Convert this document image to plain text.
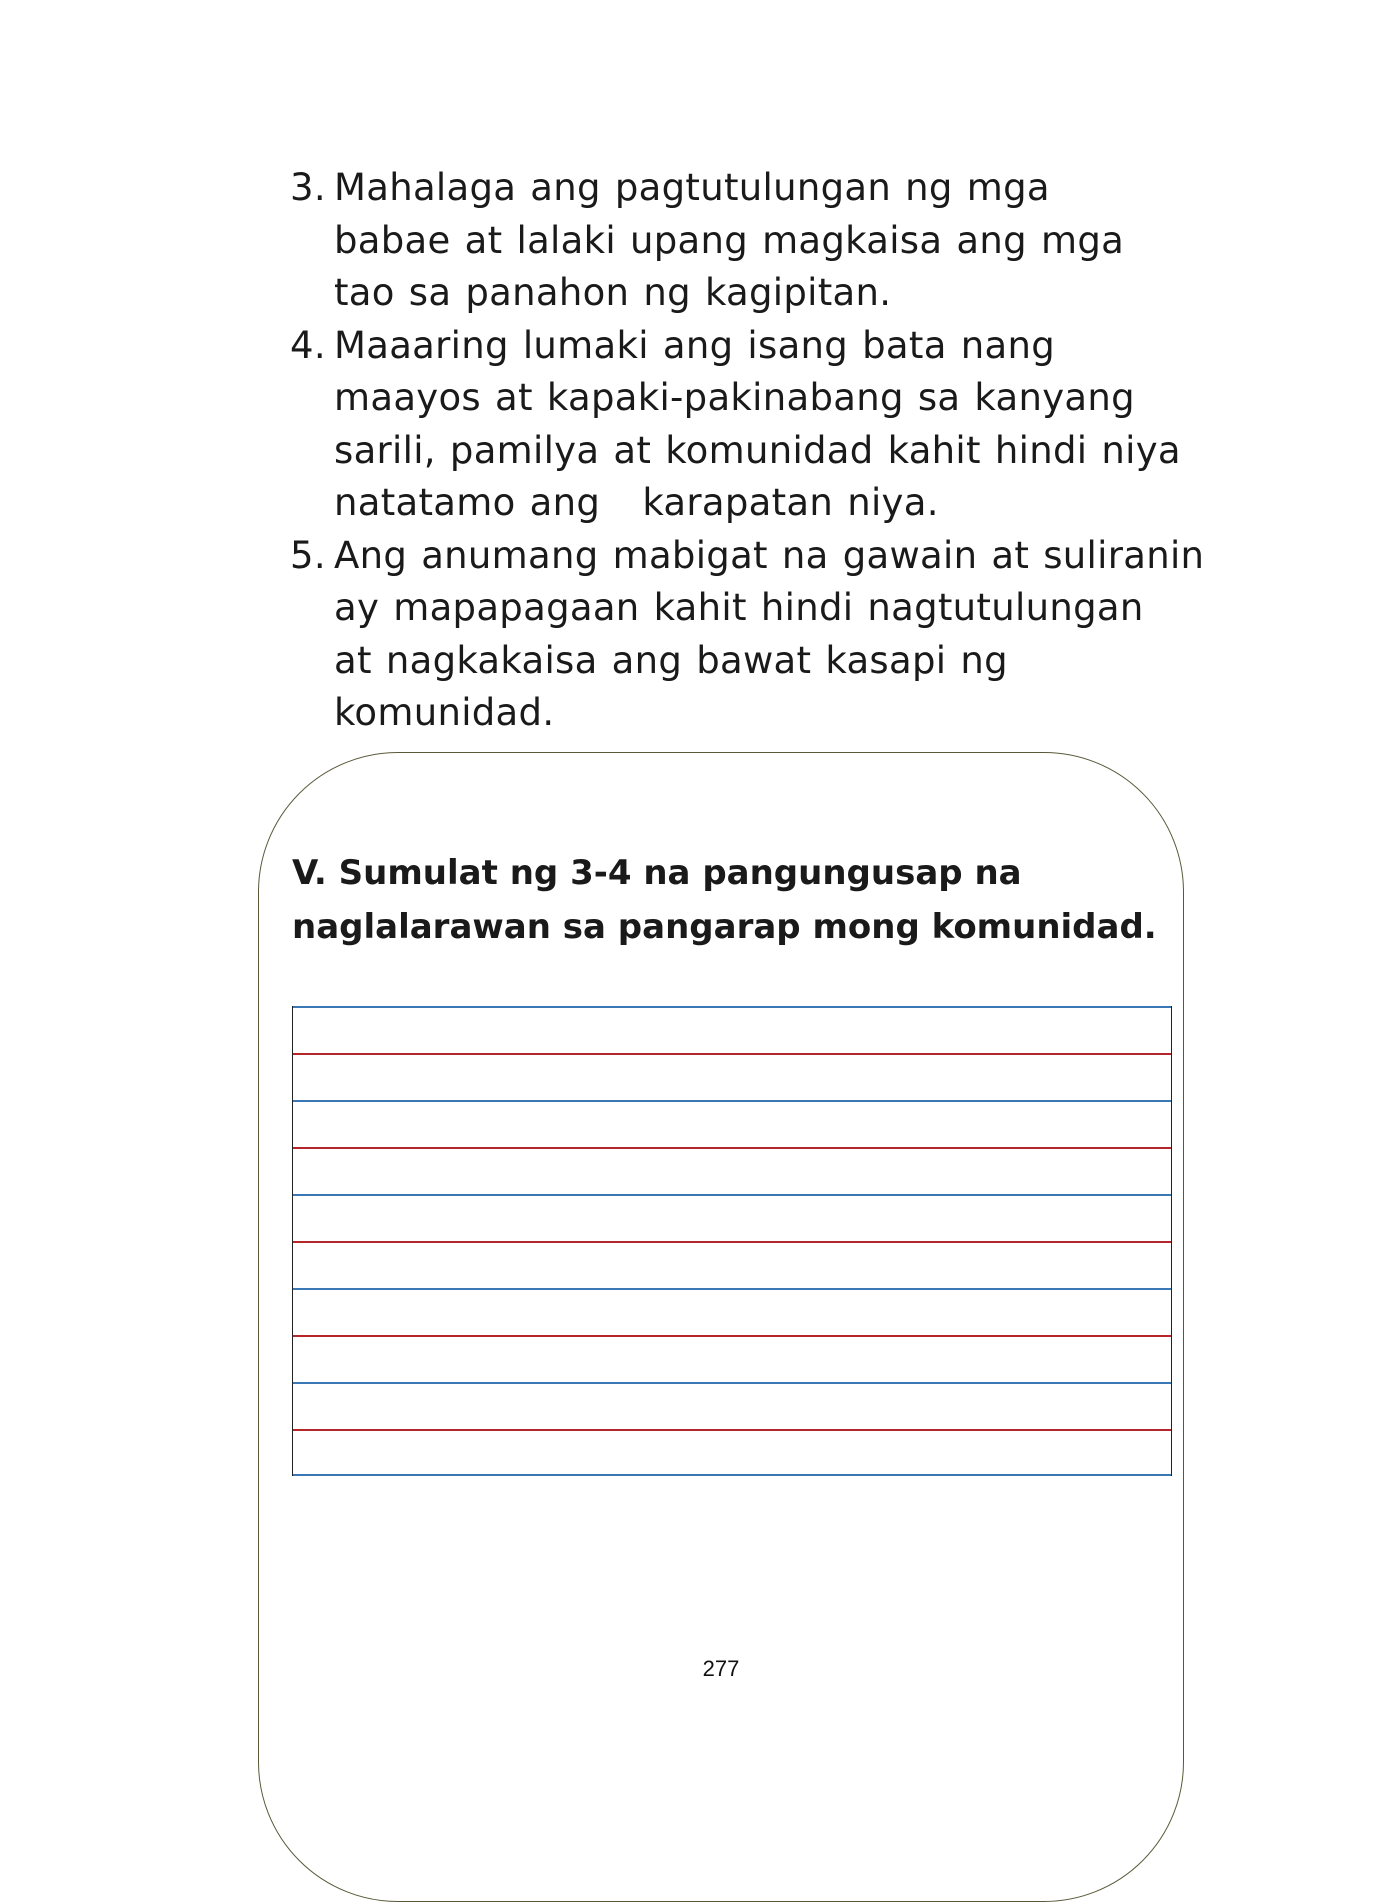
3. Mahalaga ang pagtutulungan ng mga
babae at lalaki upang magkaisa ang mga
tao sa panahon ng kagipitan.
4. Maaaring lumaki ang isang bata nang
maayos at kapaki-pakinabang sa kanyang
sarili, pamilya at komunidad kahit hindi niya
natatamo ang   karapatan niya.
5. Ang anumang mabigat na gawain at suliranin
ay mapapagaan kahit hindi nagtutulungan
at nagkakaisa ang bawat kasapi ng
komunidad.
V. Sumulat ng 3-4 na pangungusap na
naglalarawan sa pangarap mong komunidad.
277
